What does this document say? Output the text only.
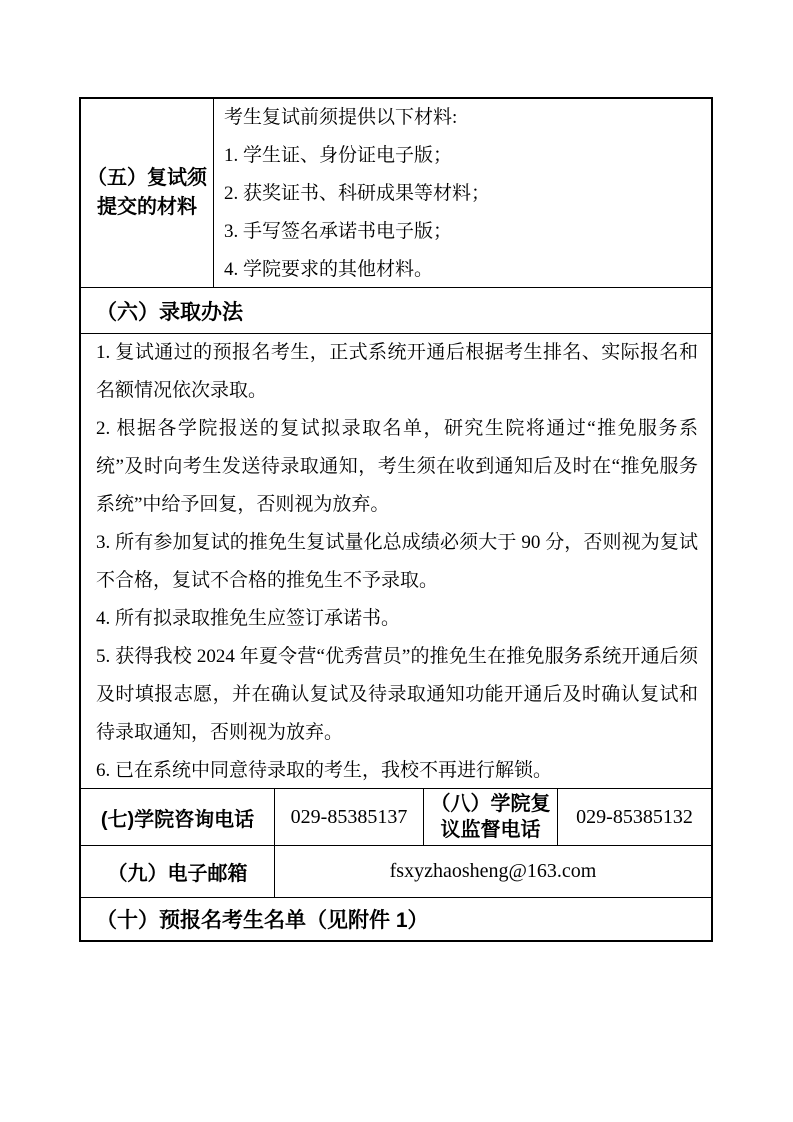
（五）复试须提交的材料

考生复试前须提供以下材料:

1. 学生证、身份证电子版；

2. 获奖证书、科研成果等材料；

3. 手写签名承诺书电子版；

4. 学院要求的其他材料。

（六）录取办法

1. 复试通过的预报名考生，正式系统开通后根据考生排名、实际报名和名额情况依次录取。

2. 根据各学院报送的复试拟录取名单，研究生院将通过“推免服务系统”及时向考生发送待录取通知，考生须在收到通知后及时在“推免服务系统”中给予回复，否则视为放弃。

3. 所有参加复试的推免生复试量化总成绩必须大于 90 分，否则视为复试不合格，复试不合格的推免生不予录取。

4. 所有拟录取推免生应签订承诺书。

5. 获得我校 2024 年夏令营“优秀营员”的推免生在推免服务系统开通后须及时填报志愿，并在确认复试及待录取通知功能开通后及时确认复试和待录取通知，否则视为放弃。

6. 已在系统中同意待录取的考生，我校不再进行解锁。

(七)学院咨询电话	029-85385137
（八）学院复议监督电话
029-85385132
（九）电子邮箱	fsxyzhaosheng@163.com
（十）预报名考生名单（见附件 1）
